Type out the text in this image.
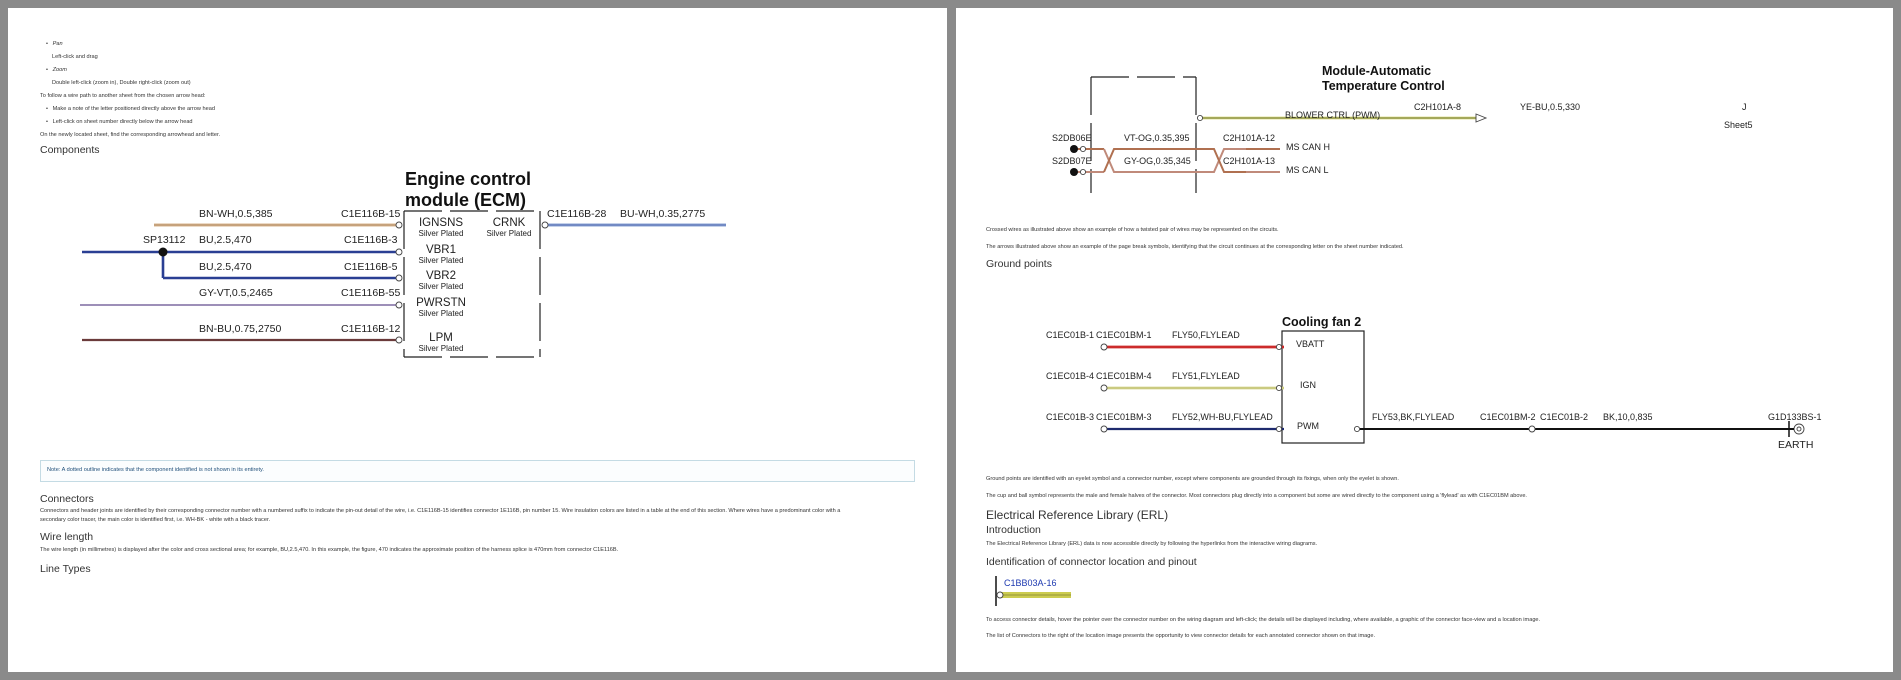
•   Pan
Left-click and drag
•   Zoom
Double left-click (zoom in), Double right-click (zoom out)
To follow a wire path to another sheet from the chosen arrow head:
•   Make a note of the letter positioned directly above the arrow head
•   Left-click on sheet number directly below the arrow head
On the newly located sheet, find the corresponding arrowhead and letter.
Components
Engine control
module (ECM)
BN-WH,0.5,385	C1E116B-15
SP13112 BU,2.5,470	C1E116B-3
BU,2.5,470	C1E116B-5
GY-VT,0.5,2465	C1E116B-55
BN-BU,0.75,2750	C1E116B-12
C1E116B-28 BU-WH,0.35,2775
IGNSNS
Silver Plated
VBR1
Silver Plated
VBR2
Silver Plated
PWRSTN
Silver Plated
LPM
Silver Plated
CRNK
Silver Plated
Note: A dotted outline indicates that the component identified is not shown in its entirety.
Connectors
Connectors and header joints are identified by their corresponding connector number with a numbered suffix to indicate the pin-out detail of the wire, i.e. C1E116B-15 identifies connector 1E116B, pin number 15. Wire insulation colors are listed in a table at the end of this section. Where wires have a predominant color with a
secondary color tracer, the main color is identified first, i.e. WH-BK - white with a black tracer.
Wire length
The wire length (in millimetres) is displayed after the color and cross sectional area; for example, BU,2.5,470. In this example, the figure, 470 indicates the approximate position of the harness splice is 470mm from connector C1E116B.
Line Types
Module-Automatic
Temperature Control
BLOWER CTRL (PWM)
C2H101A-8	YE-BU,0.5,330	J
Sheet5
MS CAN H
MS CAN L
C2H101A-12
C2H101A-13
S2DB06E
S2DB07E
VT-OG,0.35,395
GY-OG,0.35,345
Crossed wires as illustrated above show an example of how a twisted pair of wires may be represented on the circuits.
The arrows illustrated above show an example of the page break symbols, identifying that the circuit continues at the corresponding letter on the sheet number indicated.
Ground points
Cooling fan 2
VBATT
IGN
PWM
C1EC01B-1 C1EC01BM-1 FLY50,FLYLEAD
C1EC01B-4 C1EC01BM-4 FLY51,FLYLEAD
C1EC01B-3 C1EC01BM-3 FLY52,WH-BU,FLYLEAD	FLY53,BK,FLYLEAD	C1EC01BM-2 C1EC01B-2 BK,10,0,835	G1D133BS-1
EARTH
Ground points are identified with an eyelet symbol and a connector number, except where components are grounded through its fixings, when only the eyelet is shown.
The cup and ball symbol represents the male and female halves of the connector. Most connectors plug directly into a component but some are wired directly to the component using a 'flylead' as with C1EC01BM above.
Electrical Reference Library (ERL)
Introduction
The Electrical Reference Library (ERL) data is now accessible directly by following the hyperlinks from the interactive wiring diagrams.
Identification of connector location and pinout
C1BB03A-16
To access connector details, hover the pointer over the connector number on the wiring diagram and left-click; the details will be displayed including, where available, a graphic of the connector face-view and a location image.
The list of Connectors to the right of the location image presents the opportunity to view connector details for each annotated connector shown on that image.
